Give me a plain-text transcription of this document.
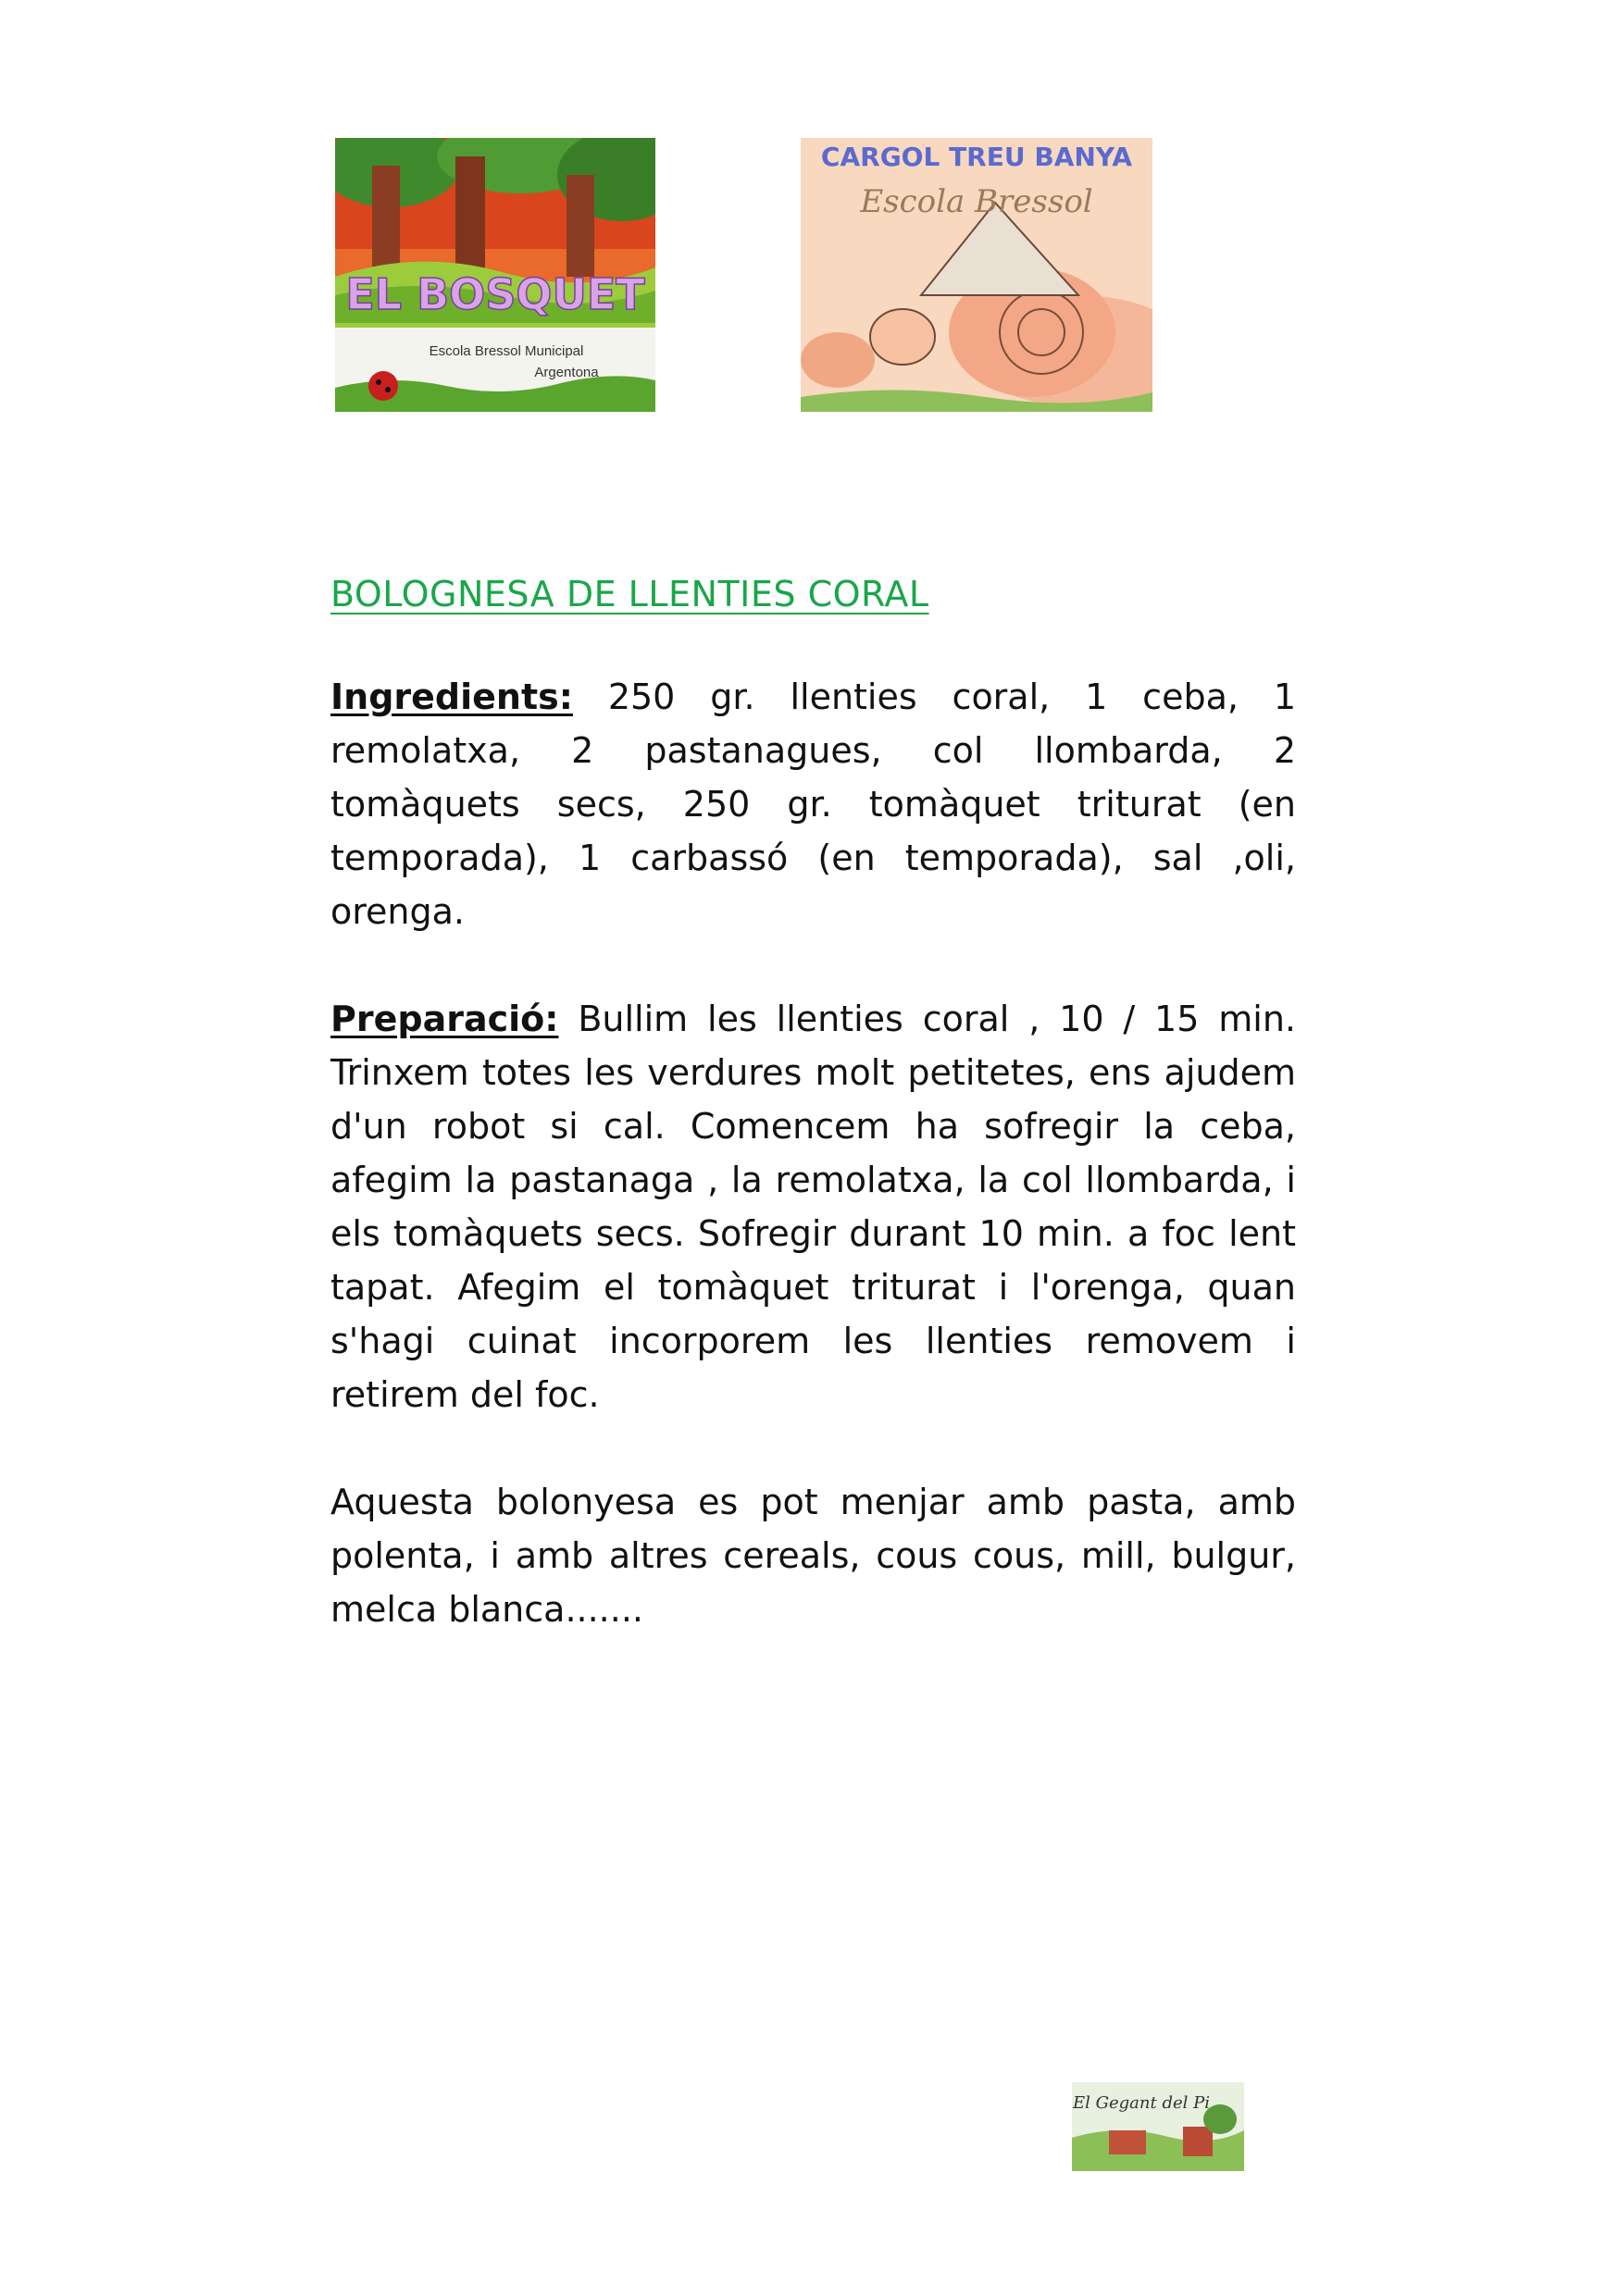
EL BOSQUET
Escola Bressol Municipal
Argentona
CARGOL TREU BANYA
Escola Bressol
BOLOGNESA DE LLENTIES CORAL

Ingredients: 250 gr. llenties coral, 1 ceba, 1 remolatxa, 2 pastanagues, col llombarda, 2 tomàquets secs, 250 gr. tomàquet triturat (en temporada), 1 carbassó (en temporada), sal ,oli, orenga.

Preparació: Bullim les llenties coral , 10 / 15 min. Trinxem totes les verdures molt petitetes, ens ajudem d'un robot si cal. Comencem ha sofregir la ceba, afegim la pastanaga , la remolatxa, la col llombarda, i els tomàquets secs. Sofregir durant 10 min. a foc lent tapat. Afegim el tomàquet triturat i l'orenga, quan s'hagi cuinat incorporem les llenties removem i retirem del foc.

Aquesta bolonyesa es pot menjar amb pasta, amb polenta, i amb altres cereals, cous cous, mill, bulgur, melca blanca.......

El Gegant del Pi
